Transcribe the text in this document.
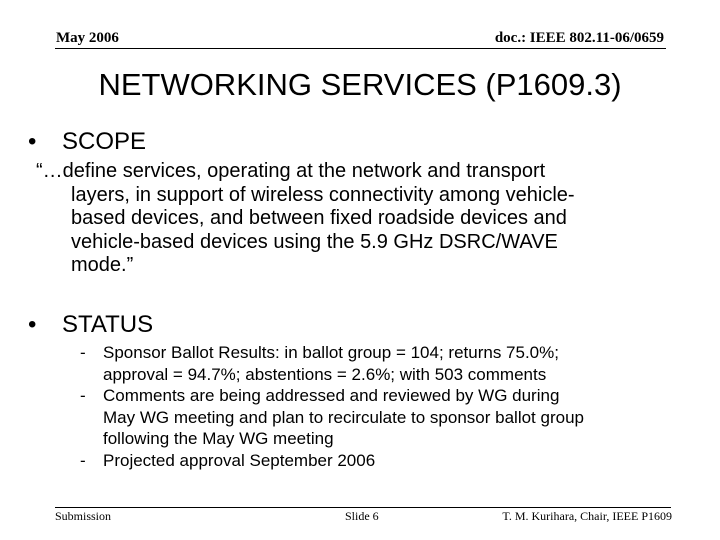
May 2006	doc.: IEEE 802.11-06/0659
NETWORKING SERVICES (P1609.3)
• SCOPE
“…define services, operating at the network and transport
layers, in support of wireless connectivity among vehicle-
based devices, and between fixed roadside devices and
vehicle-based devices using the 5.9 GHz DSRC/WAVE
mode.”
• STATUS
- Sponsor Ballot Results: in ballot group = 104; returns 75.0%;
approval = 94.7%; abstentions = 2.6%; with 503 comments
- Comments are being addressed and reviewed by WG during
May WG meeting and plan to recirculate to sponsor ballot group
following the May WG meeting
- Projected approval September 2006
Submission	Slide 6	T. M. Kurihara, Chair, IEEE P1609
